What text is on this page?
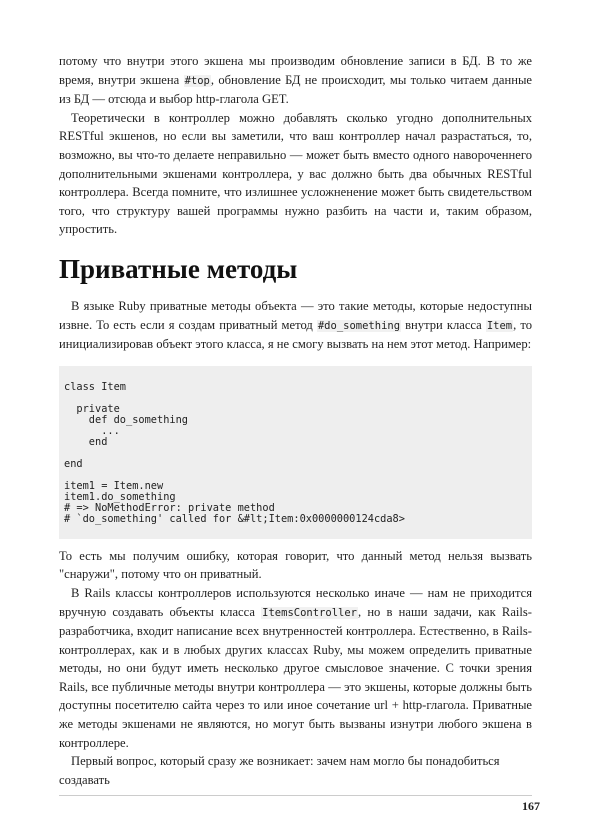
потому что внутри этого экшена мы производим обновление записи в БД. В то же время, внутри экшена #top, обновление БД не происходит, мы только читаем данные из БД — отсюда и выбор http-глагола GET.

Теоретически в контроллер можно добавлять сколько угодно дополнительных RESTful экшенов, но если вы заметили, что ваш контроллер начал разрастаться, то, возможно, вы что-то делаете неправильно — может быть вместо одного навороченнего дополнительными экшенами контроллера, у вас должно быть два обычных RESTful контроллера. Всегда помните, что излишнее усложненение может быть свидетельством того, что структуру вашей программы нужно разбить на части и, таким образом, упростить.

Приватные методы

В языке Ruby приватные методы объекта — это такие методы, которые недоступны извне. То есть если я создам приватный метод #do_something внутри класса Item, то инициализировав объект этого класса, я не смогу вызвать на нем этот метод. Например:

class Item

private
def do_something
...
end

end

item1 = Item.new
item1.do_something
# => NoMethodError: private method
# `do_something' called for &#lt;Item:0x0000000124cda8>

То есть мы получим ошибку, которая говорит, что данный метод нельзя вызвать "снаружи", потому что он приватный.

В Rails классы контроллеров используются несколько иначе — нам не приходится вручную создавать объекты класса ItemsController, но в наши задачи, как Rails-разработчика, входит написание всех внутренностей контроллера. Естественно, в Rails-контроллерах, как и в любых других классах Ruby, мы можем определить приватные методы, но они будут иметь несколько другое смысловое значение. С точки зрения Rails, все публичные методы внутри контроллера — это экшены, которые должны быть доступны посетителю сайта через то или иное сочетание url + http-глагола. Приватные же методы экшенами не являются, но могут быть вызваны изнутри любого экшена в контроллере.

Первый вопрос, который сразу же возникает: зачем нам могло бы понадобиться создавать

167
